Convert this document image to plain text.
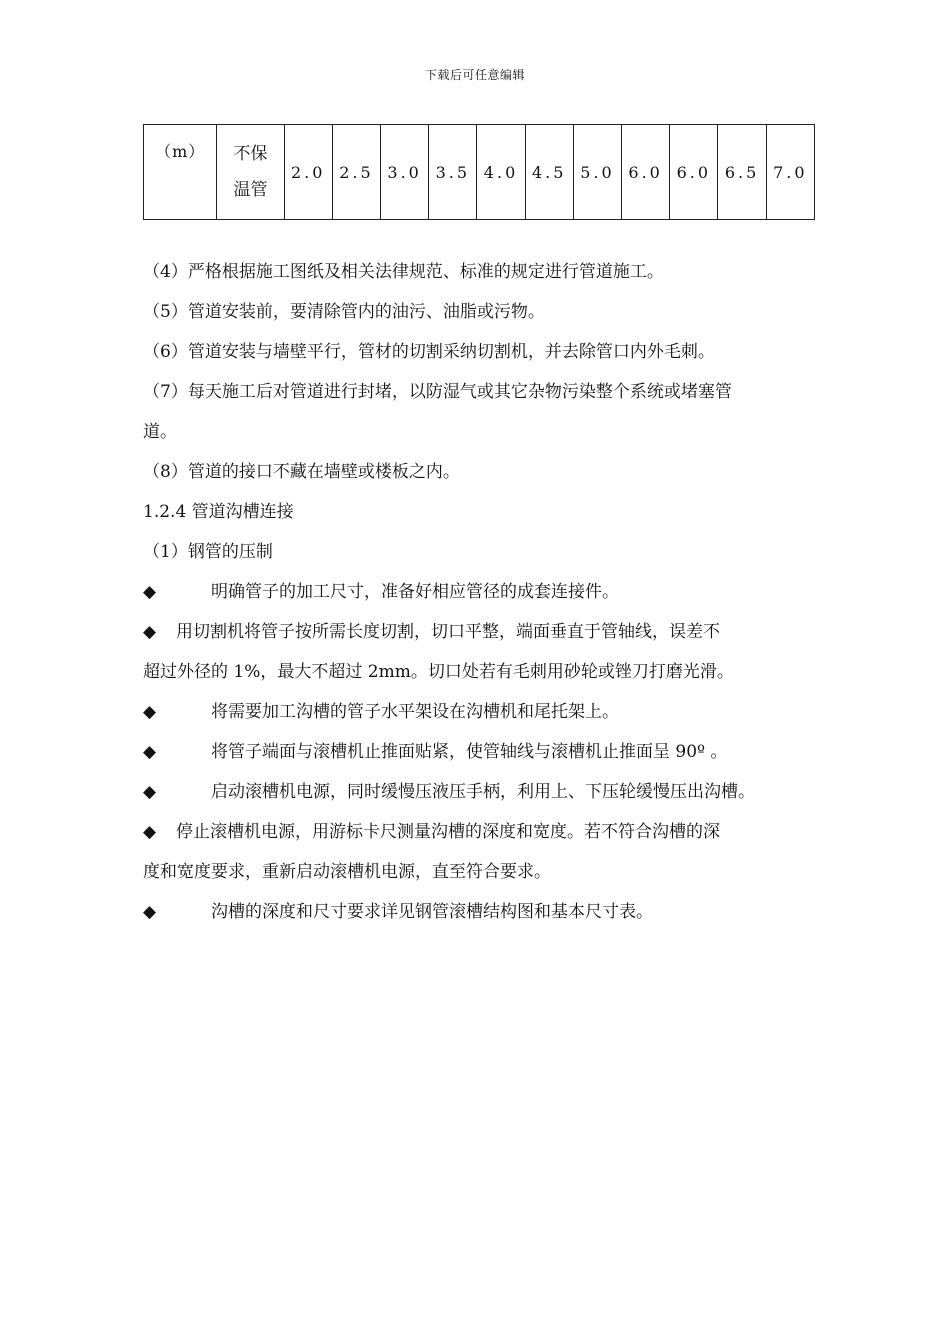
下载后可任意编辑
（m）	不保
温管
	2.0	2.5	3.0	3.5	4.0	4.5	5.0	6.0	6.0	6.5	7.0

（4）严格根据施工图纸及相关法律规范、标准的规定进行管道施工。

（5）管道安装前，要清除管内的油污、油脂或污物。

（6）管道安装与墙壁平行，管材的切割采纳切割机，并去除管口内外毛刺。

（7）每天施工后对管道进行封堵，以防湿气或其它杂物污染整个系统或堵塞管

道。

（8）管道的接口不藏在墙壁或楼板之内。

1.2.4 管道沟槽连接

（1）钢管的压制

◆	明确管子的加工尺寸，准备好相应管径的成套连接件。
◆	用切割机将管子按所需长度切割，切口平整，端面垂直于管轴线，误差不

超过外径的 1%，最大不超过 2mm。切口处若有毛刺用砂轮或锉刀打磨光滑。

◆	将需要加工沟槽的管子水平架设在沟槽机和尾托架上。
◆	将管子端面与滚槽机止推面贴紧，使管轴线与滚槽机止推面呈 90º 。
◆	启动滚槽机电源，同时缓慢压液压手柄，利用上、下压轮缓慢压出沟槽。
◆	停止滚槽机电源，用游标卡尺测量沟槽的深度和宽度。若不符合沟槽的深

度和宽度要求，重新启动滚槽机电源，直至符合要求。

◆	沟槽的深度和尺寸要求详见钢管滚槽结构图和基本尺寸表。
